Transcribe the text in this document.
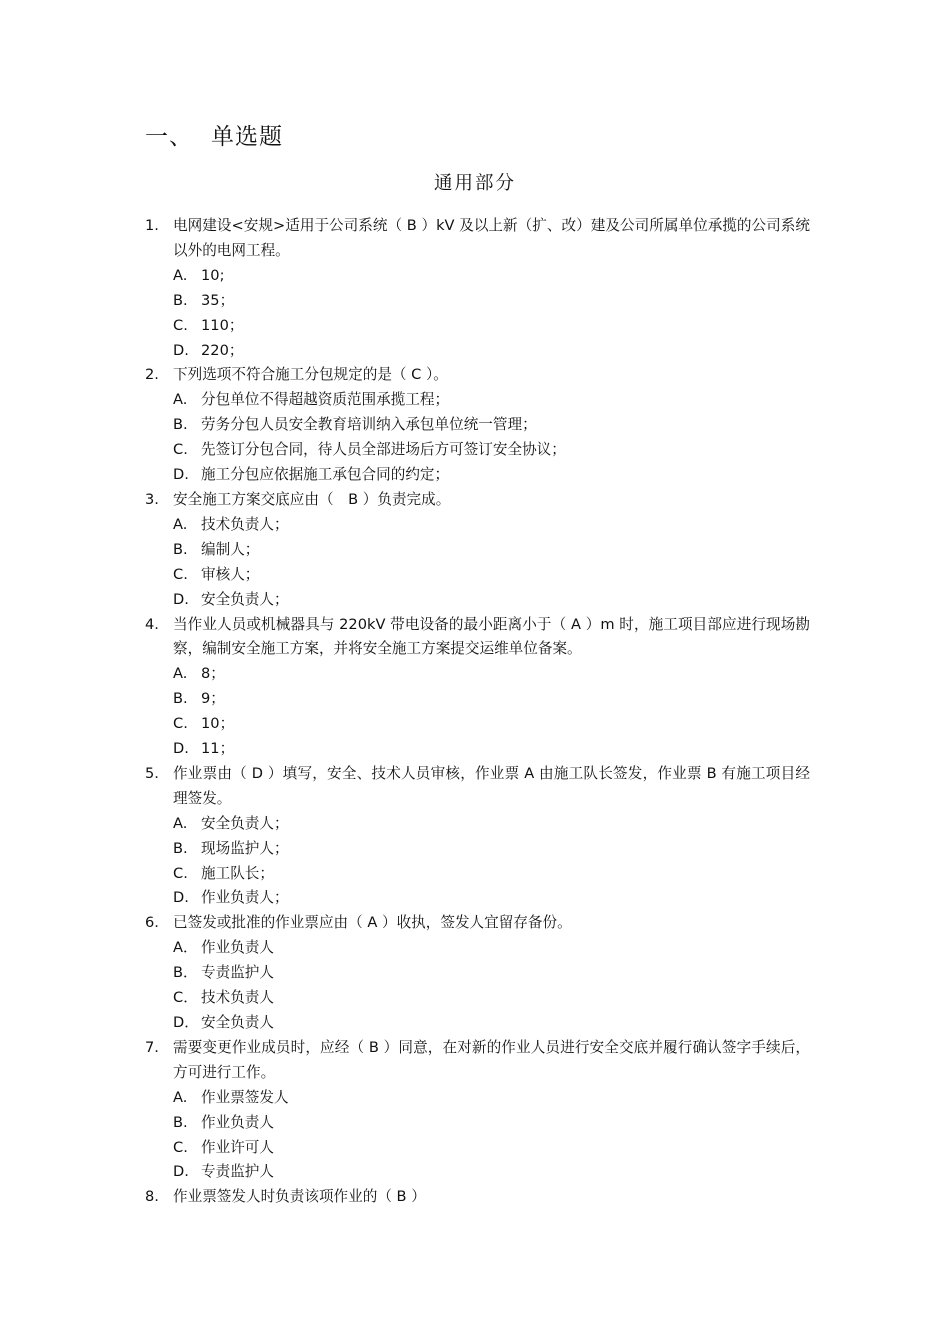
一、 单选题
通用部分
1. 电网建设<安规>适用于公司系统（ B ）kV 及以上新（扩、改）建及公司所属单位承揽的公司系统以外的电网工程。
A. 10;
B. 35；
C. 110；
D. 220；
2. 下列选项不符合施工分包规定的是（ C ）。
A. 分包单位不得超越资质范围承揽工程；
B. 劳务分包人员安全教育培训纳入承包单位统一管理；
C. 先签订分包合同，待人员全部进场后方可签订安全协议；
D. 施工分包应依据施工承包合同的约定；
3. 安全施工方案交底应由（　B ）负责完成。
A. 技术负责人；
B. 编制人；
C. 审核人；
D. 安全负责人；
4. 当作业人员或机械器具与 220kV 带电设备的最小距离小于（ A ）m 时，施工项目部应进行现场勘察，编制安全施工方案，并将安全施工方案提交运维单位备案。
A. 8；
B. 9；
C. 10；
D. 11；
5. 作业票由（ D ）填写，安全、技术人员审核，作业票 A 由施工队长签发，作业票 B 有施工项目经理签发。
A. 安全负责人；
B. 现场监护人；
C. 施工队长；
D. 作业负责人；
6. 已签发或批准的作业票应由（ A ）收执，签发人宜留存备份。
A． 作业负责人
B． 专责监护人
C． 技术负责人
D． 安全负责人
7. 需要变更作业成员时，应经（ B ）同意，在对新的作业人员进行安全交底并履行确认签字手续后，方可进行工作。
A. 作业票签发人
B. 作业负责人
C. 作业许可人
D. 专责监护人
8. 作业票签发人时负责该项作业的（ B ）
